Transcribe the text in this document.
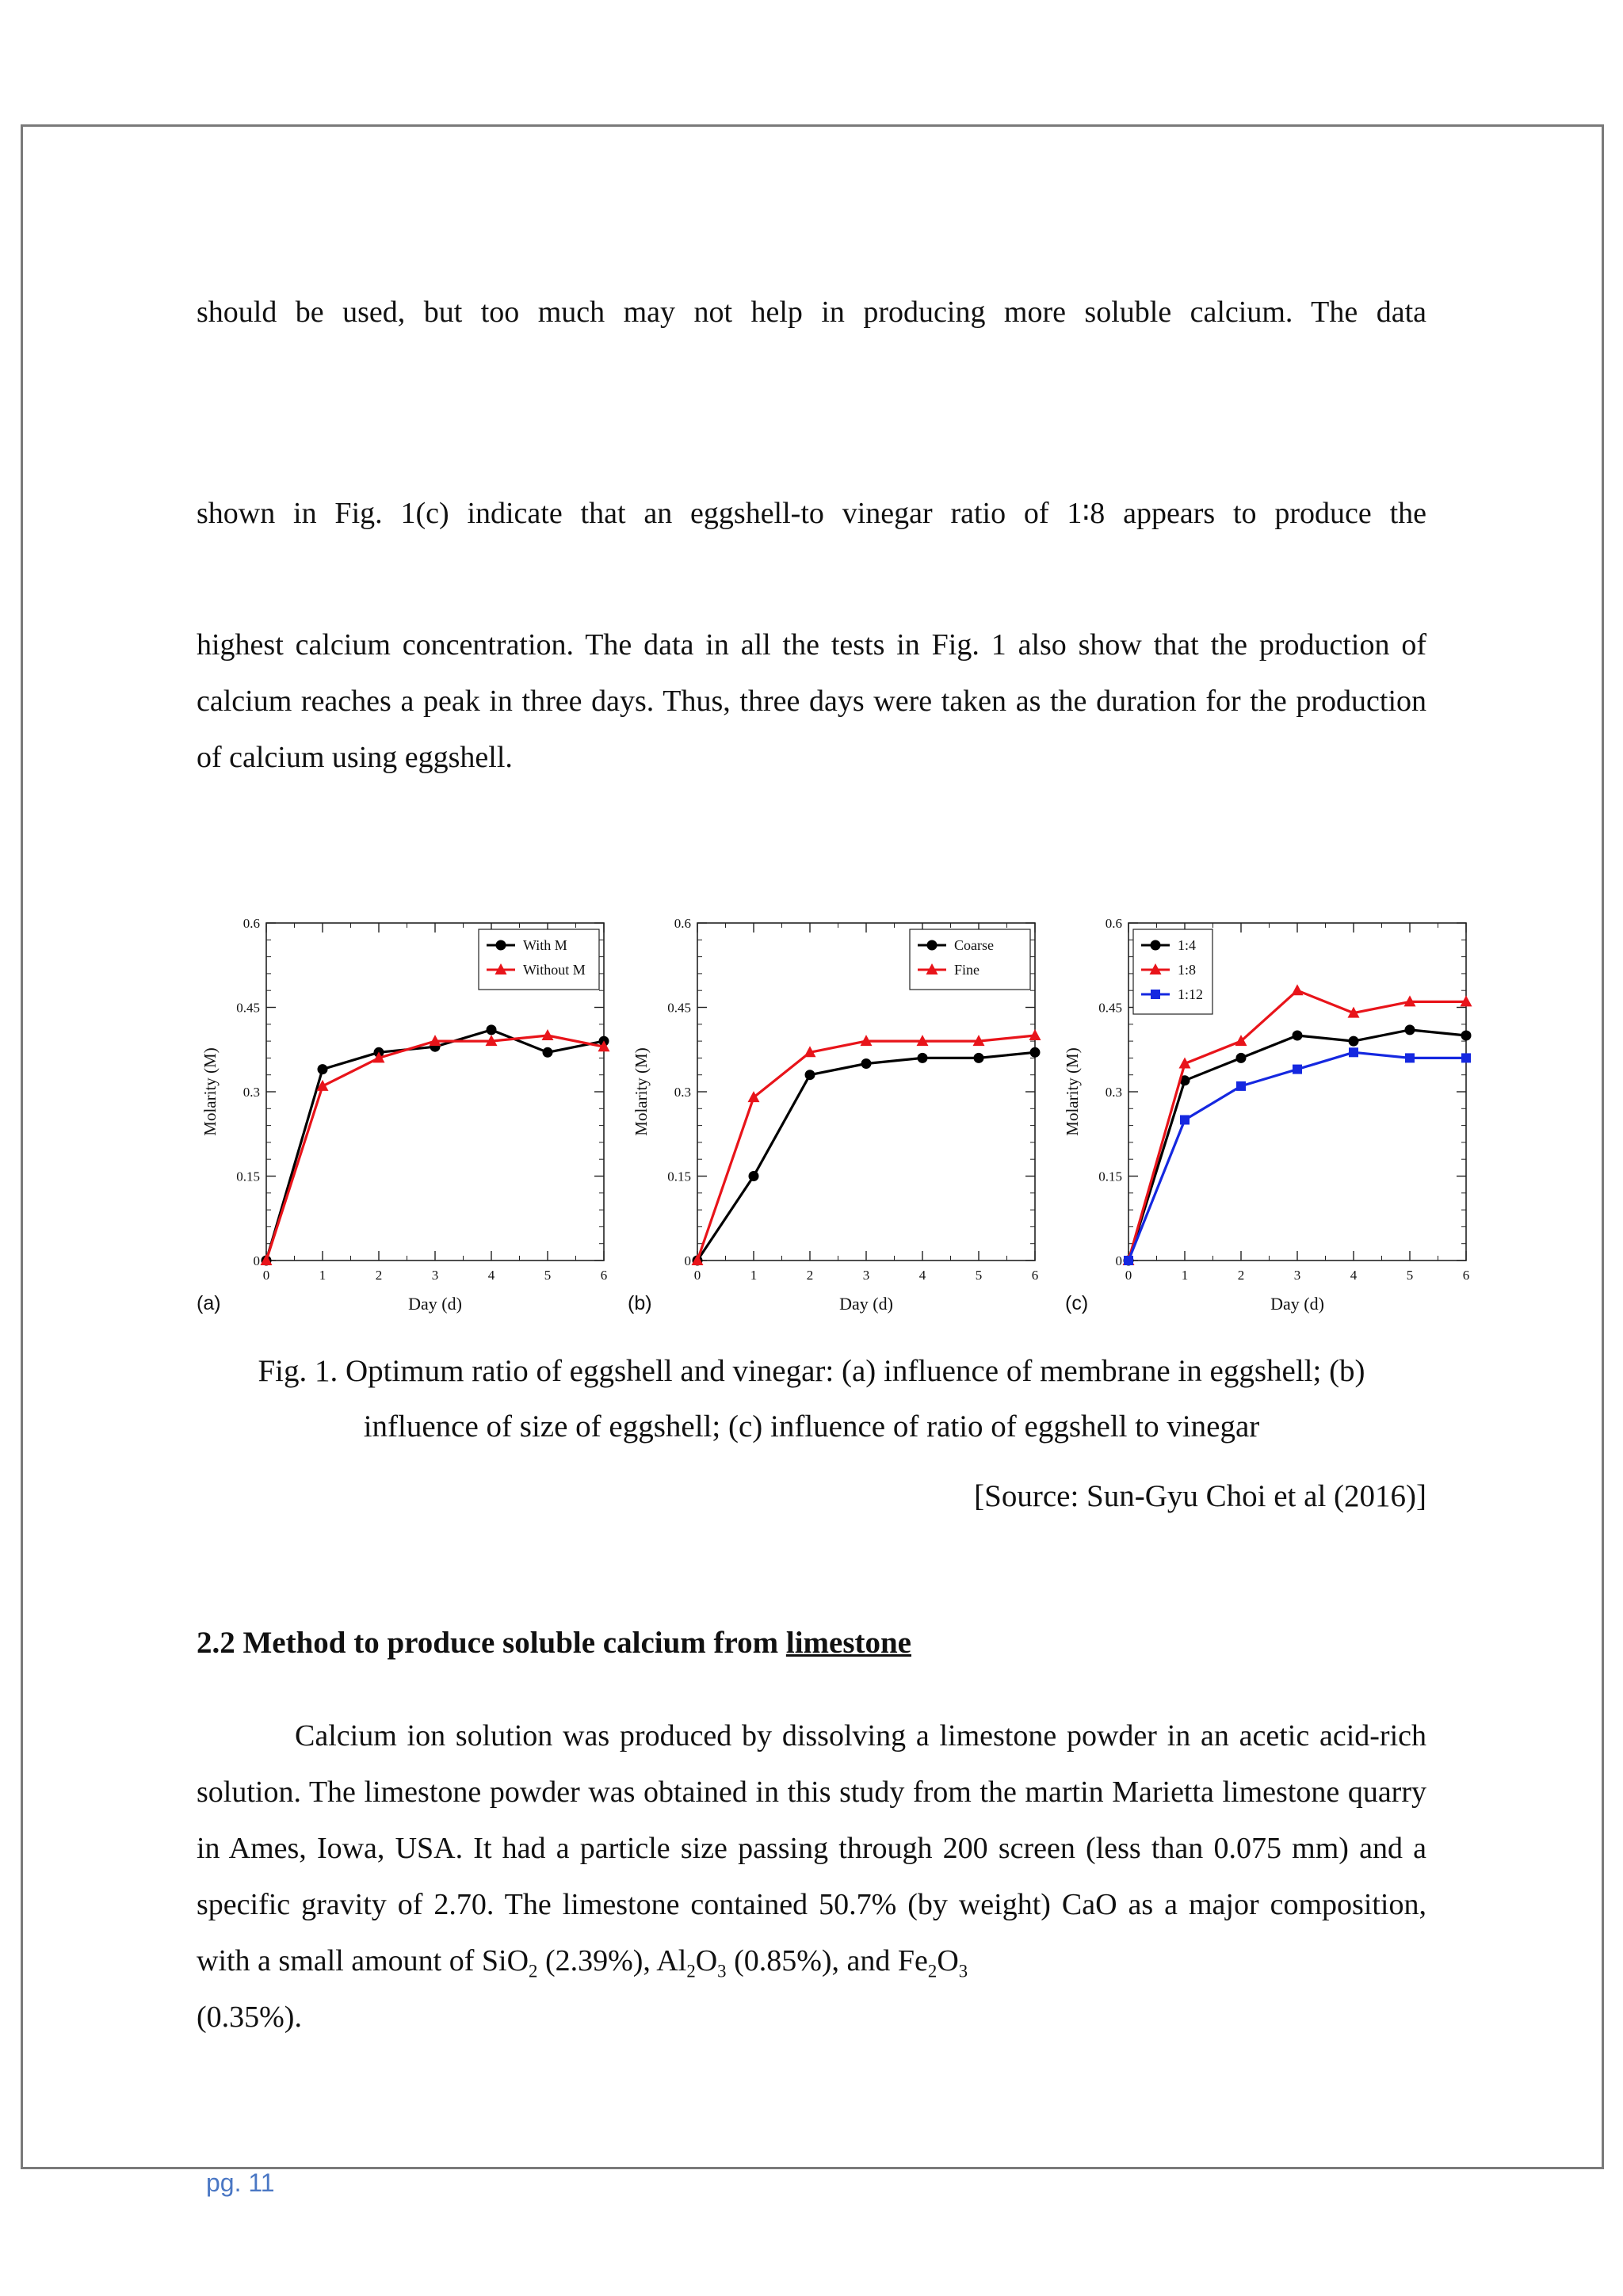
should be used, but too much may not help in producing more soluble calcium. The data
shown in Fig. 1(c) indicate that an eggshell-to vinegar ratio of 1∶8 appears to produce the
highest calcium concentration. The data in all the tests in Fig. 1 also show that the production of calcium reaches a peak in three days. Thus, three days were taken as the duration for the production of calcium using eggshell.
0
0.15
0.3
0.45
0.6
0	1	2	3	4	5	6
Day (d)
Molarity (M)
With M
Without M
0
0.15
0.3
0.45
0.6
0	1	2	3	4	5	6
Day (d)
Molarity (M)
Coarse
Fine
0
0.15
0.3
0.45
0.6
0	1	2	3	4	5	6
Day (d)
Molarity (M)
1:4
1:8
1:12
(a)	(b)	(c)
Fig. 1. Optimum ratio of eggshell and vinegar: (a) influence of membrane in eggshell; (b)
influence of size of eggshell; (c) influence of ratio of eggshell to vinegar
[Source: Sun-Gyu Choi et al (2016)]
2.2 Method to produce soluble calcium from limestone
Calcium ion solution was produced by dissolving a limestone powder in an acetic acid-rich solution. The limestone powder was obtained in this study from the martin Marietta limestone quarry in Ames, Iowa, USA. It had a particle size passing through 200 screen (less than 0.075 mm) and a specific gravity of 2.70. The limestone contained 50.7% (by weight) CaO as a major composition, with a small amount of SiO$_2$ (2.39%), $Al_2O_3$ (0.85%), and $Fe_2O_3$
(0.35%).
pg. 11
